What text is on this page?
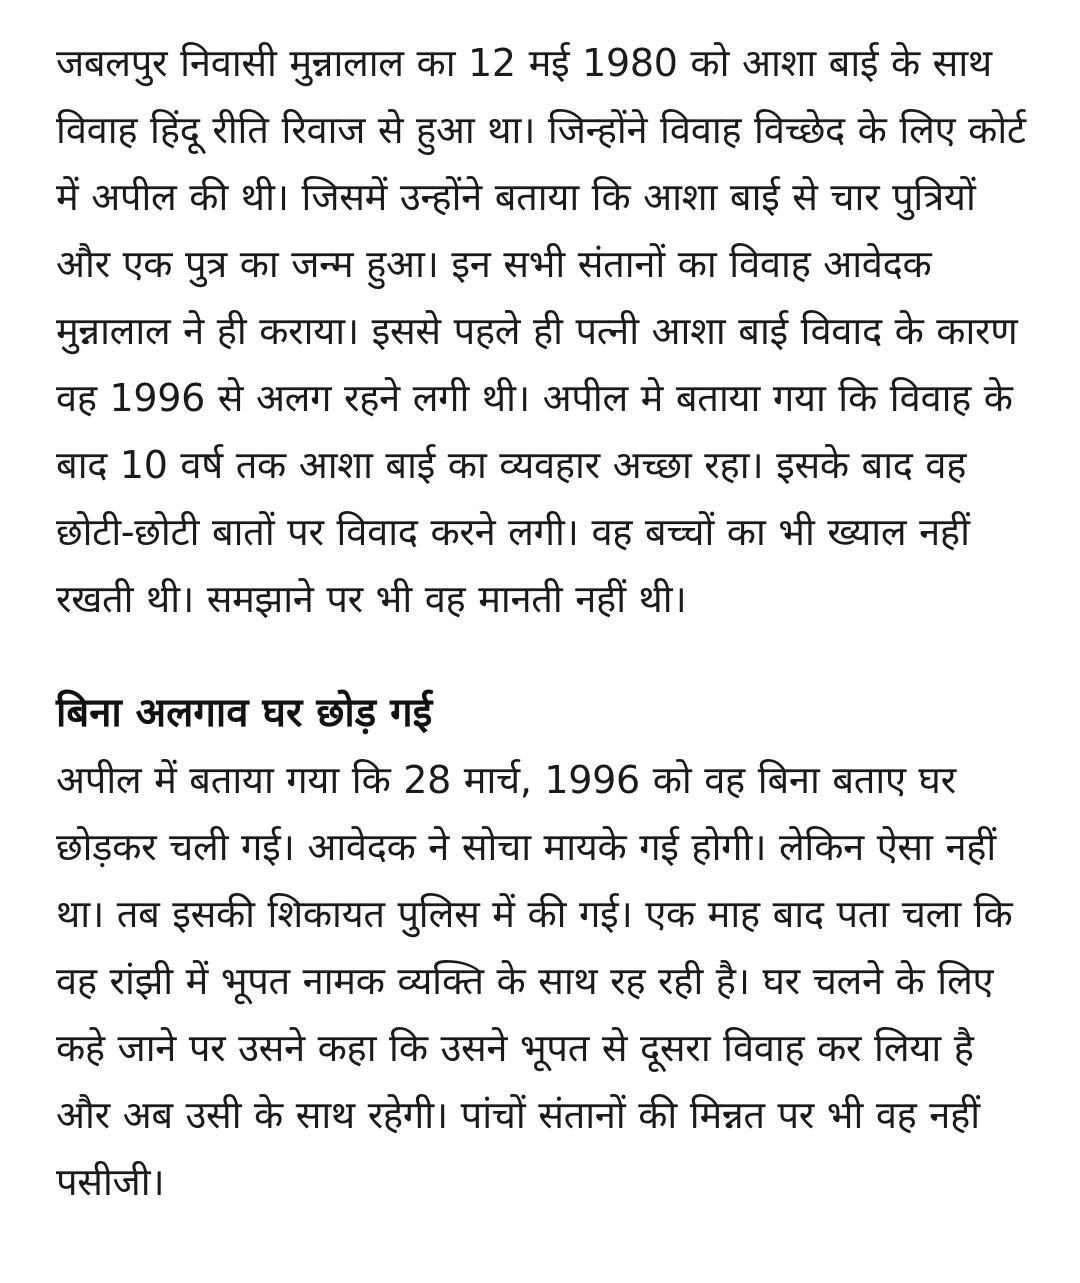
जबलपुर निवासी मुन्नालाल का 12 मई 1980 को आशा बाई के साथ विवाह हिंदू रीति रिवाज से हुआ था। जिन्होंने विवाह विच्छेद के लिए कोर्ट में अपील की थी। जिसमें उन्होंने बताया कि आशा बाई से चार पुत्रियों और एक पुत्र का जन्म हुआ। इन सभी संतानों का विवाह आवेदक मुन्नालाल ने ही कराया। इससे पहले ही पत्नी आशा बाई विवाद के कारण वह 1996 से अलग रहने लगी थी। अपील मे बताया गया कि विवाह के बाद 10 वर्ष तक आशा बाई का व्यवहार अच्छा रहा। इसके बाद वह छोटी-छोटी बातों पर विवाद करने लगी। वह बच्चों का भी ख्याल नहीं रखती थी। समझाने पर भी वह मानती नहीं थी।

बिना अलगाव घर छोड़ गई

अपील में बताया गया कि 28 मार्च, 1996 को वह बिना बताए घर छोड़कर चली गई। आवेदक ने सोचा मायके गई होगी। लेकिन ऐसा नहीं था। तब इसकी शिकायत पुलिस में की गई। एक माह बाद पता चला कि वह रांझी में भूपत नामक व्यक्ति के साथ रह रही है। घर चलने के लिए कहे जाने पर उसने कहा कि उसने भूपत से दूसरा विवाह कर लिया है और अब उसी के साथ रहेगी। पांचों संतानों की मिन्नत पर भी वह नहीं पसीजी।
